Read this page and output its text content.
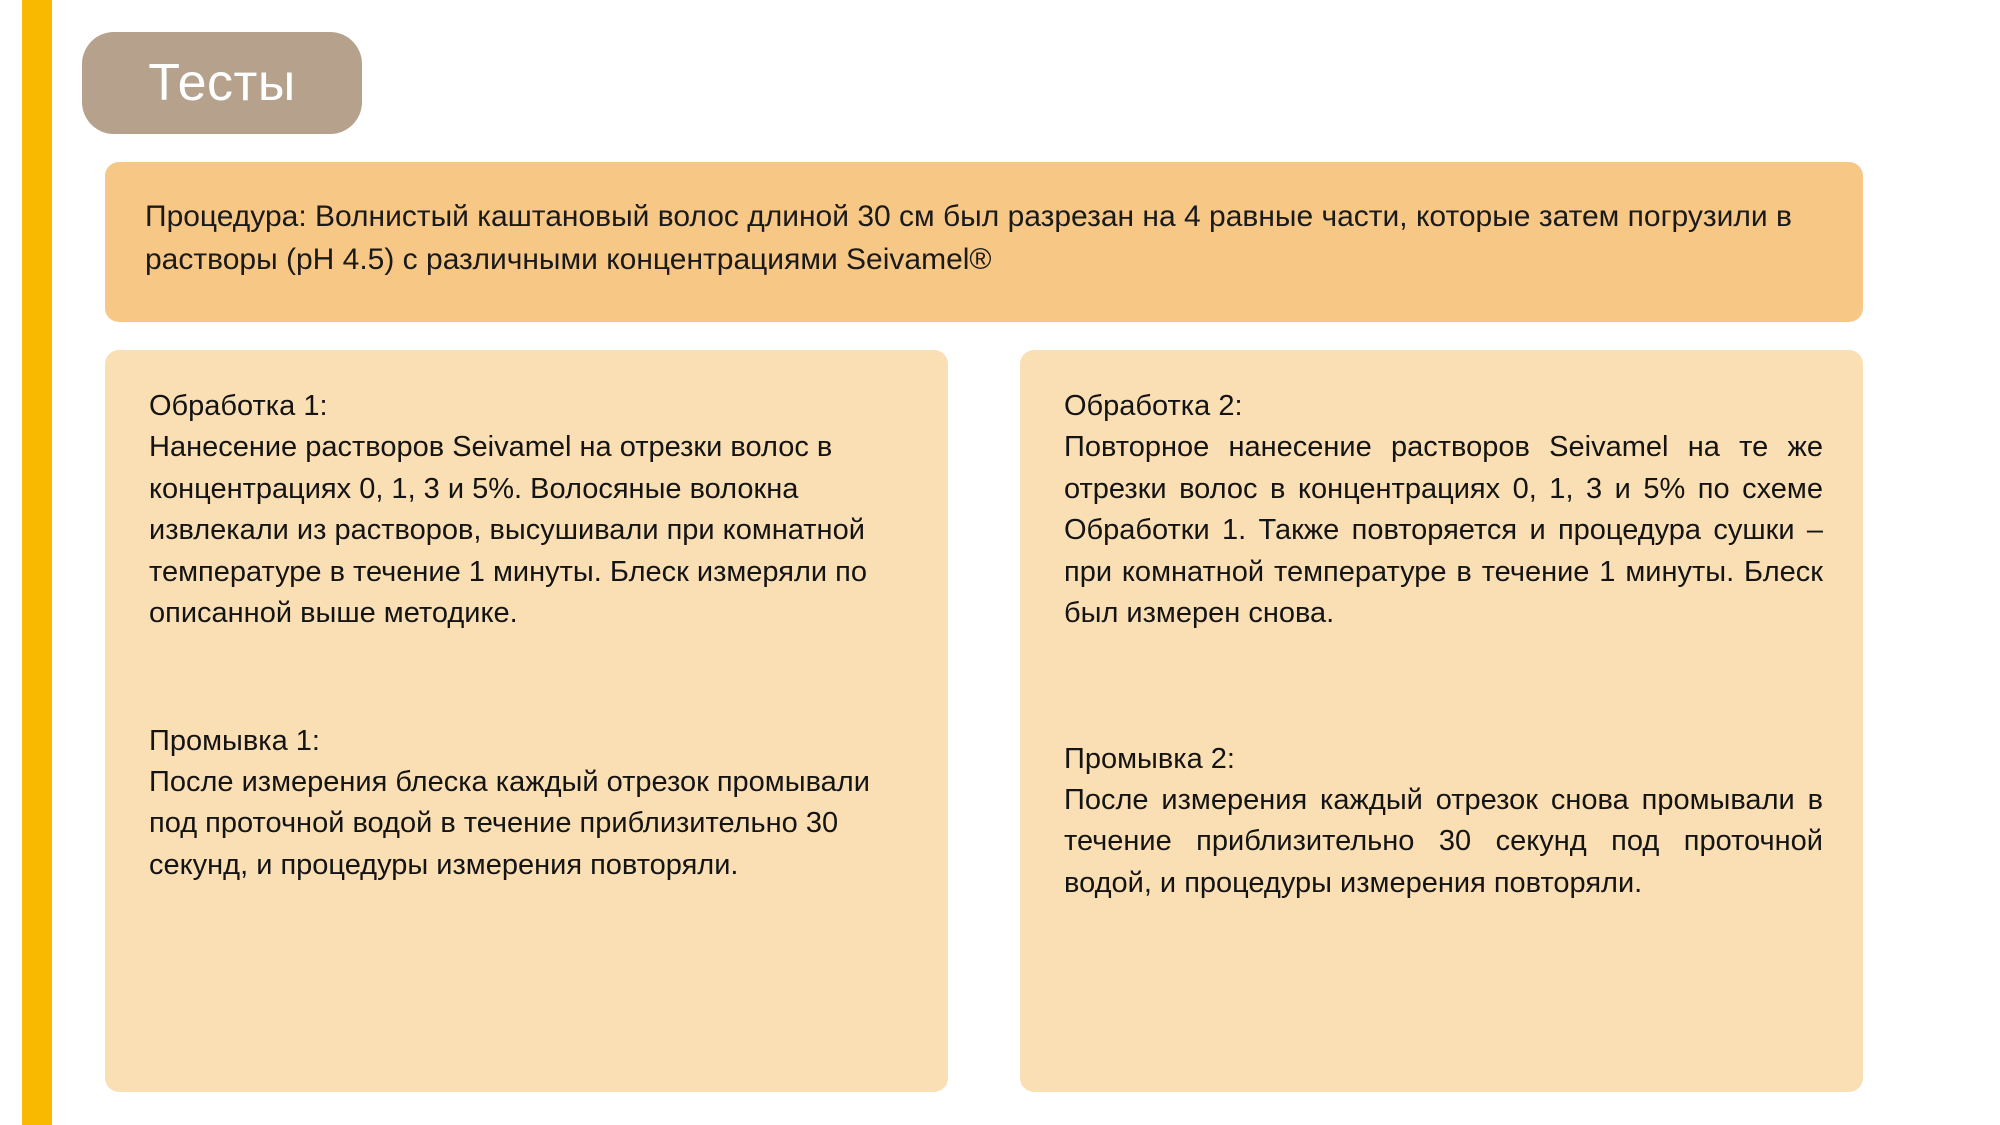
Тесты
Процедура: Волнистый каштановый волос длиной 30 см был разрезан на 4 равные части, которые затем погрузили в растворы (pH 4.5) с различными концентрациями Seivamel®
Обработка 1:
Нанесение растворов Seivamel на отрезки волос в концентрациях 0, 1, 3 и 5%. Волосяные волокна извлекали из растворов, высушивали при комнатной температуре в течение 1 минуты. Блеск измеряли по описанной выше методике.
Промывка 1:
После измерения блеска каждый отрезок промывали под проточной водой в течение приблизительно 30 секунд, и процедуры измерения повторяли.
Обработка 2:
Повторное нанесение растворов Seivamel на те же отрезки волос в концентрациях 0, 1, 3 и 5% по схеме Обработки 1. Также повторяется и процедура сушки – при комнатной температуре в течение 1 минуты. Блеск был измерен снова.
Промывка 2:
После измерения каждый отрезок снова промывали в течение приблизительно 30 секунд под проточной водой, и процедуры измерения повторяли.
